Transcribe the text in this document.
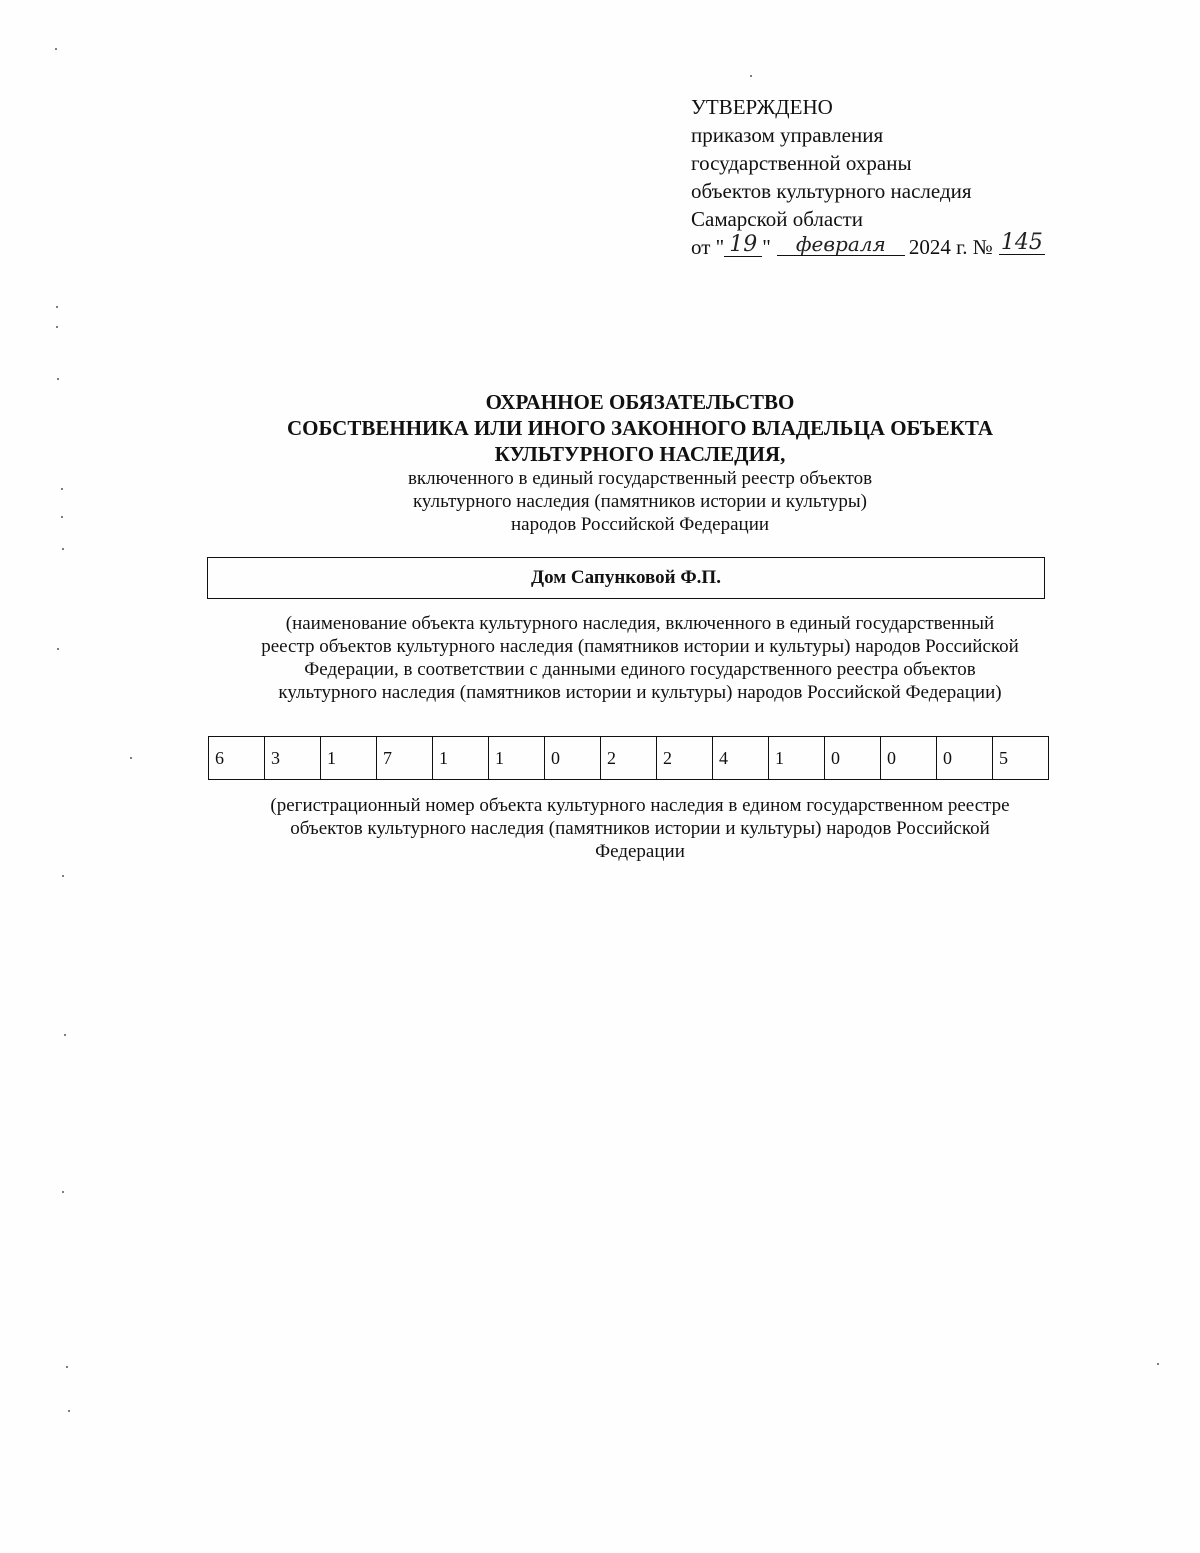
УТВЕРЖДЕНО
приказом управления
государственной охраны
объектов культурного наследия
Самарской области
от " 19 "	февраля	2024 г. № 145
ОХРАННОЕ ОБЯЗАТЕЛЬСТВО
СОБСТВЕННИКА ИЛИ ИНОГО ЗАКОННОГО ВЛАДЕЛЬЦА ОБЪЕКТА
КУЛЬТУРНОГО НАСЛЕДИЯ,
включенного в единый государственный реестр объектов
культурного наследия (памятников истории и культуры)
народов Российской Федерации
Дом Сапунковой Ф.П.
(наименование объекта культурного наследия, включенного в единый государственный
реестр объектов культурного наследия (памятников истории и культуры) народов Российской
Федерации, в соответствии с данными единого государственного реестра объектов
культурного наследия (памятников истории и культуры) народов Российской Федерации)
6	3	1	7	1	1	0	2	2	4	1	0	0	0	5
(регистрационный номер объекта культурного наследия в едином государственном реестре
объектов культурного наследия (памятников истории и культуры) народов Российской
Федерации
